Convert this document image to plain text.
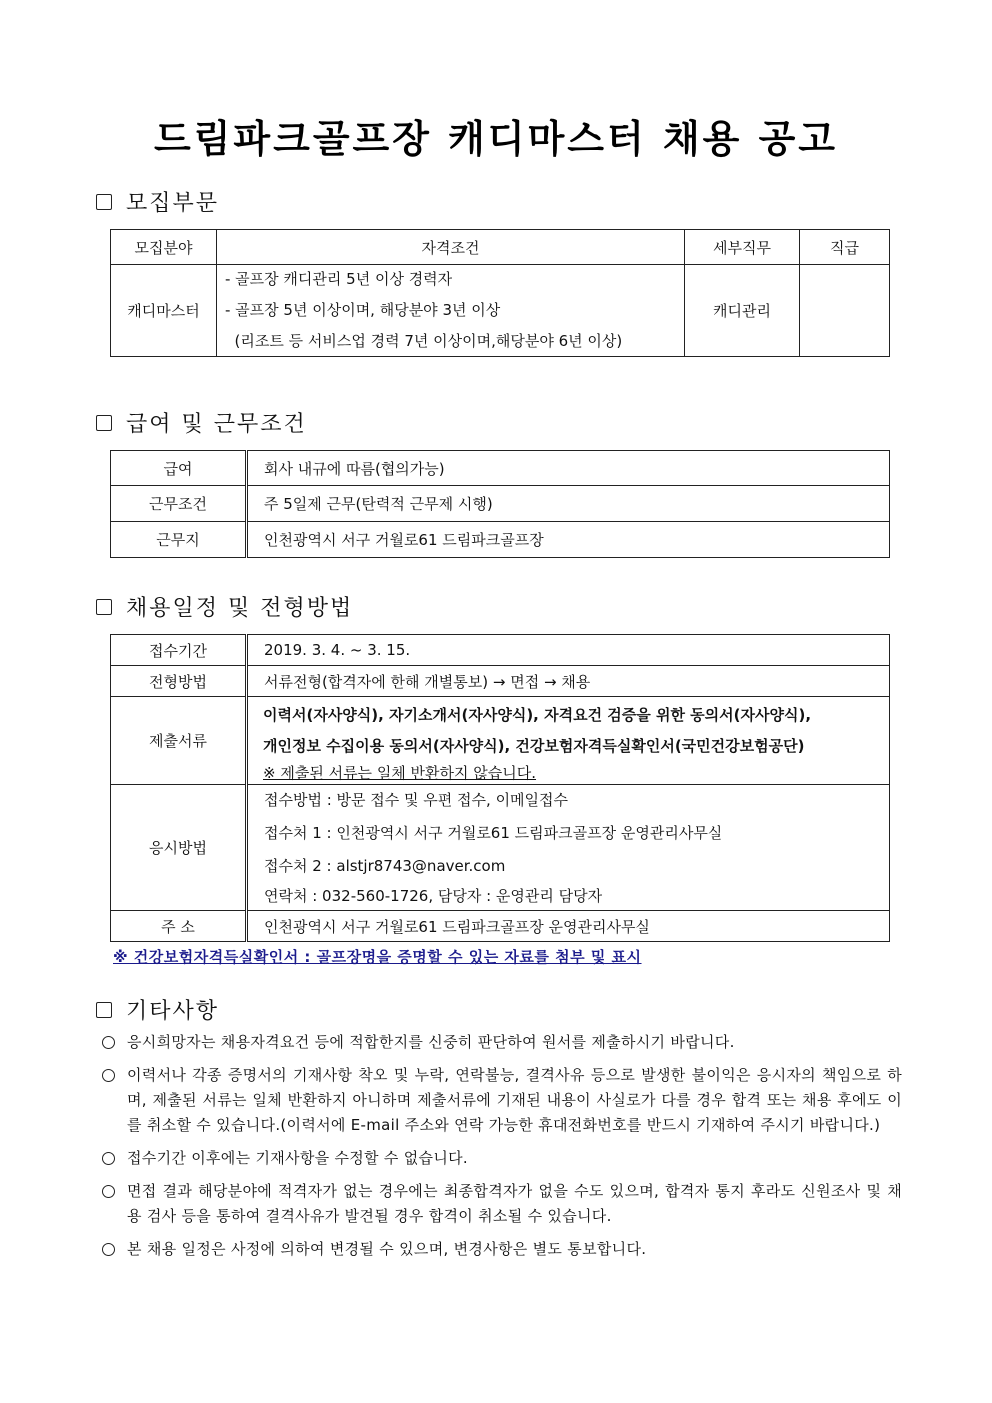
드림파크골프장 캐디마스터 채용 공고
모집부문
모집분야	자격조건	세부직무	직급
캐디마스터	- 골프장 캐디관리 5년 이상 경력자
- 골프장 5년 이상이며, 해당분야 3년 이상
(리조트 등 서비스업 경력 7년 이상이며,해당분야 6년 이상)	캐디관리	
급여 및 근무조건
급여	회사 내규에 따름(협의가능)
근무조건	주 5일제 근무(탄력적 근무제 시행)
근무지	인천광역시 서구 거월로61 드림파크골프장
채용일정 및 전형방법
접수기간	2019. 3. 4. ~ 3. 15.
전형방법	서류전형(합격자에 한해 개별통보) → 면접 → 채용
제출서류	이력서(자사양식), 자기소개서(자사양식), 자격요건 검증을 위한 동의서(자사양식),
개인정보 수집이용 동의서(자사양식), 건강보험자격득실확인서(국민건강보험공단)
※ 제출된 서류는 일체 반환하지 않습니다.

응시방법	접수방법 : 방문 접수 및 우편 접수, 이메일접수
접수처 1 : 인천광역시 서구 거월로61 드림파크골프장 운영관리사무실
접수처 2 : alstjr8743@naver.com
연락처 : 032-560-1726, 담당자 : 운영관리 담당자

주 소	인천광역시 서구 거월로61 드림파크골프장 운영관리사무실
※ 건강보험자격득실확인서 : 골프장명을 증명할 수 있는 자료를 첨부 및 표시
기타사항
응시희망자는 채용자격요건 등에 적합한지를 신중히 판단하여 원서를 제출하시기 바랍니다.
이력서나 각종 증명서의 기재사항 착오 및 누락, 연락불능, 결격사유 등으로 발생한 불이익은 응시자의 책임으로 하며, 제출된 서류는 일체 반환하지 아니하며 제출서류에 기재된 내용이 사실로가 다를 경우 합격 또는 채용 후에도 이를 취소할 수 있습니다.(이력서에 E-mail 주소와 연락 가능한 휴대전화번호를 반드시 기재하여 주시기 바랍니다.)
접수기간 이후에는 기재사항을 수정할 수 없습니다.
면접 결과 해당분야에 적격자가 없는 경우에는 최종합격자가 없을 수도 있으며, 합격자 통지 후라도 신원조사 및 채용 검사 등을 통하여 결격사유가 발견될 경우 합격이 취소될 수 있습니다.
본 채용 일정은 사정에 의하여 변경될 수 있으며, 변경사항은 별도 통보합니다.
